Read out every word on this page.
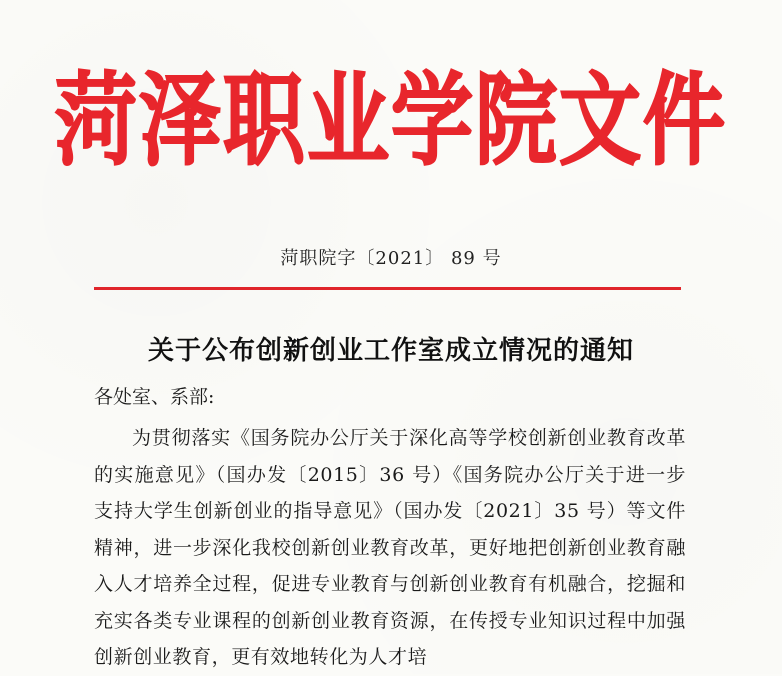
菏泽职业学院文件
菏职院字〔2021〕 89 号
关于公布创新创业工作室成立情况的通知
各处室、系部:
为贯彻落实《国务院办公厅关于深化高等学校创新创业教育改革的实施意见》（国办发〔2015〕36 号）《国务院办公厅关于进一步支持大学生创新创业的指导意见》（国办发〔2021〕35 号）等文件精神，进一步深化我校创新创业教育改革，更好地把创新创业教育融入人才培养全过程，促进专业教育与创新创业教育有机融合，挖掘和充实各类专业课程的创新创业教育资源，在传授专业知识过程中加强创新创业教育，更有效地转化为人才培
